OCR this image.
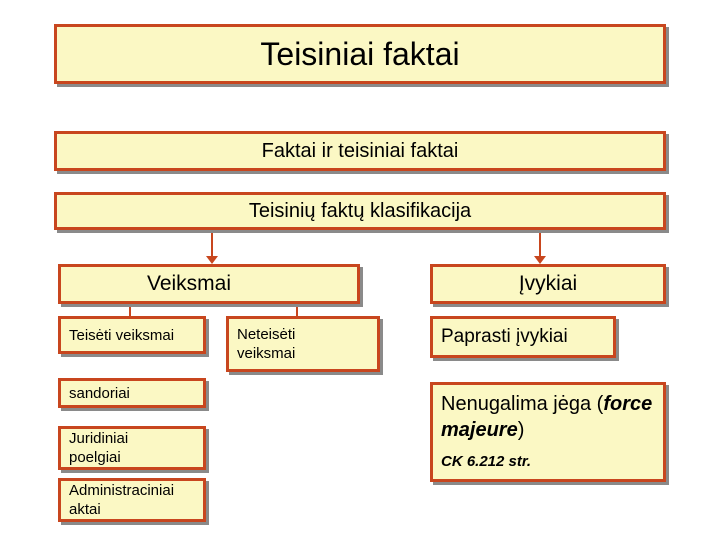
Teisiniai faktai
Faktai ir teisiniai faktai
Teisinių faktų klasifikacija
Veiksmai	Įvykiai
Teisėti veiksmai	Neteisėti veiksmai
Paprasti įvykiai
sandoriai
Juridiniai poelgiai
Administraciniai aktai
Nenugalima jėga (force majeure)
CK 6.212 str.
